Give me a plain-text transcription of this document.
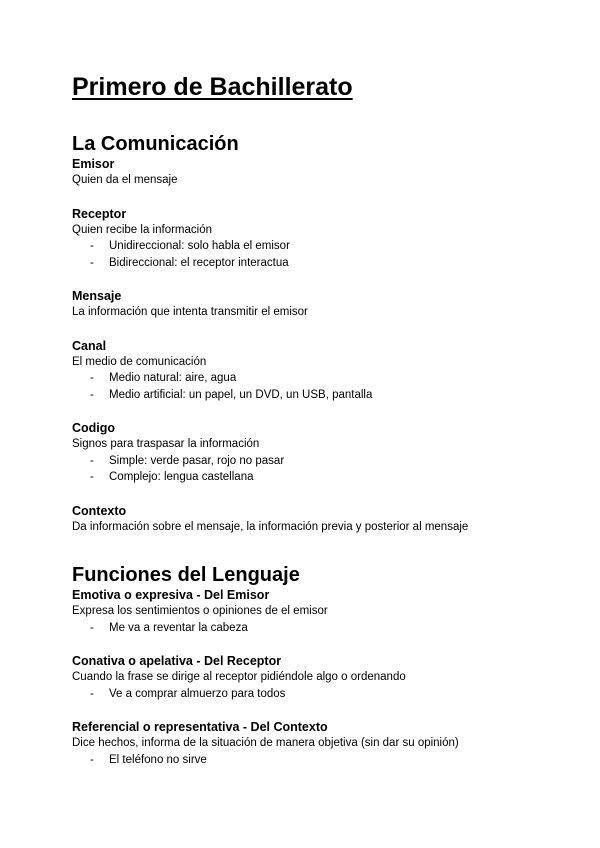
Primero de Bachillerato
La Comunicación
Emisor

Quien da el mensaje

Receptor

Quien recibe la información

- Unidireccional: solo habla el emisor
- Bidireccional: el receptor interactua
Mensaje

La información que intenta transmitir el emisor

Canal

El medio de comunicación

- Medio natural: aire, agua
- Medio artificial: un papel, un DVD, un USB, pantalla
Codigo

Signos para traspasar la información

- Simple: verde pasar, rojo no pasar
- Complejo: lengua castellana
Contexto

Da información sobre el mensaje, la información previa y posterior al mensaje

Funciones del Lenguaje
Emotiva o expresiva - Del Emisor

Expresa los sentimientos o opiniones de el emisor

- Me va a reventar la cabeza
Conativa o apelativa - Del Receptor

Cuando la frase se dirige al receptor pidiéndole algo o ordenando

- Ve a comprar almuerzo para todos
Referencial o representativa - Del Contexto

Dice hechos, informa de la situación de manera objetiva (sin dar su opinión)

- El teléfono no sirve
